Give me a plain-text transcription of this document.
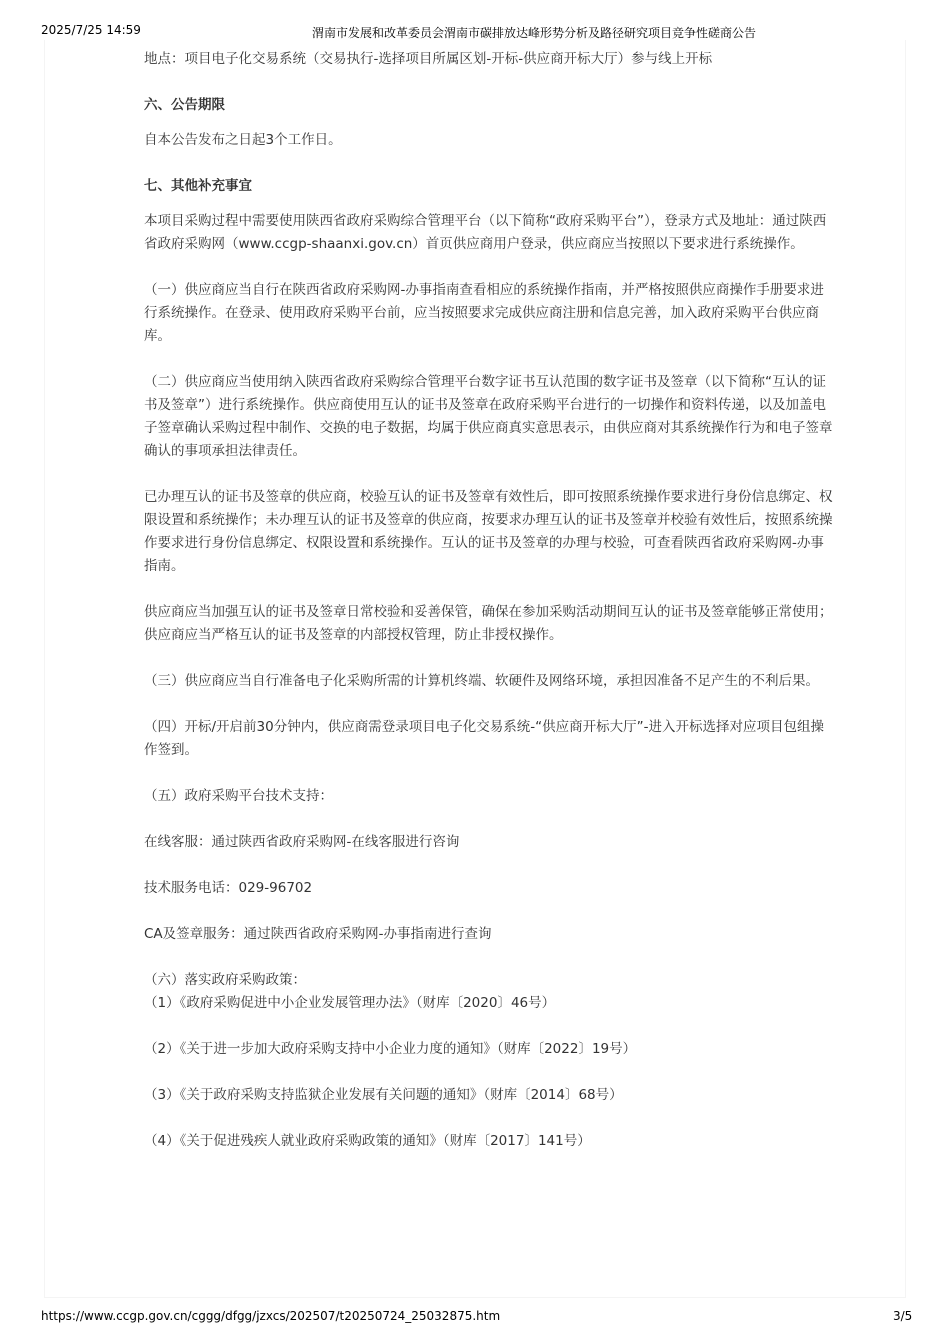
2025/7/25 14:59	渭南市发展和改革委员会渭南市碳排放达峰形势分析及路径研究项目竞争性磋商公告

地点：项目电子化交易系统（交易执行-选择项目所属区划-开标-供应商开标大厅）参与线上开标

六、公告期限

自本公告发布之日起3个工作日。

七、其他补充事宜

本项目采购过程中需要使用陕西省政府采购综合管理平台（以下简称“政府采购平台”），登录方式及地址：通过陕西省政府采购网（www.ccgp-shaanxi.gov.cn）首页供应商用户登录，供应商应当按照以下要求进行系统操作。

（一）供应商应当自行在陕西省政府采购网-办事指南查看相应的系统操作指南，并严格按照供应商操作手册要求进行系统操作。在登录、使用政府采购平台前，应当按照要求完成供应商注册和信息完善，加入政府采购平台供应商库。

（二）供应商应当使用纳入陕西省政府采购综合管理平台数字证书互认范围的数字证书及签章（以下简称“互认的证书及签章”）进行系统操作。供应商使用互认的证书及签章在政府采购平台进行的一切操作和资料传递，以及加盖电子签章确认采购过程中制作、交换的电子数据，均属于供应商真实意思表示，由供应商对其系统操作行为和电子签章确认的事项承担法律责任。

已办理互认的证书及签章的供应商，校验互认的证书及签章有效性后，即可按照系统操作要求进行身份信息绑定、权限设置和系统操作；未办理互认的证书及签章的供应商，按要求办理互认的证书及签章并校验有效性后，按照系统操作要求进行身份信息绑定、权限设置和系统操作。互认的证书及签章的办理与校验，可查看陕西省政府采购网-办事指南。

供应商应当加强互认的证书及签章日常校验和妥善保管，确保在参加采购活动期间互认的证书及签章能够正常使用；供应商应当严格互认的证书及签章的内部授权管理，防止非授权操作。

（三）供应商应当自行准备电子化采购所需的计算机终端、软硬件及网络环境，承担因准备不足产生的不利后果。

（四）开标/开启前30分钟内，供应商需登录项目电子化交易系统-“供应商开标大厅”-进入开标选择对应项目包组操作签到。

（五）政府采购平台技术支持：

在线客服：通过陕西省政府采购网-在线客服进行咨询

技术服务电话：029-96702

CA及签章服务：通过陕西省政府采购网-办事指南进行查询

（六）落实政府采购政策：

（1）《政府采购促进中小企业发展管理办法》（财库〔2020〕46号）

（2）《关于进一步加大政府采购支持中小企业力度的通知》（财库〔2022〕19号）

（3）《关于政府采购支持监狱企业发展有关问题的通知》（财库〔2014〕68号）

（4）《关于促进残疾人就业政府采购政策的通知》（财库〔2017〕141号）

https://www.ccgp.gov.cn/cggg/dfgg/jzxcs/202507/t20250724_25032875.htm	3/5
